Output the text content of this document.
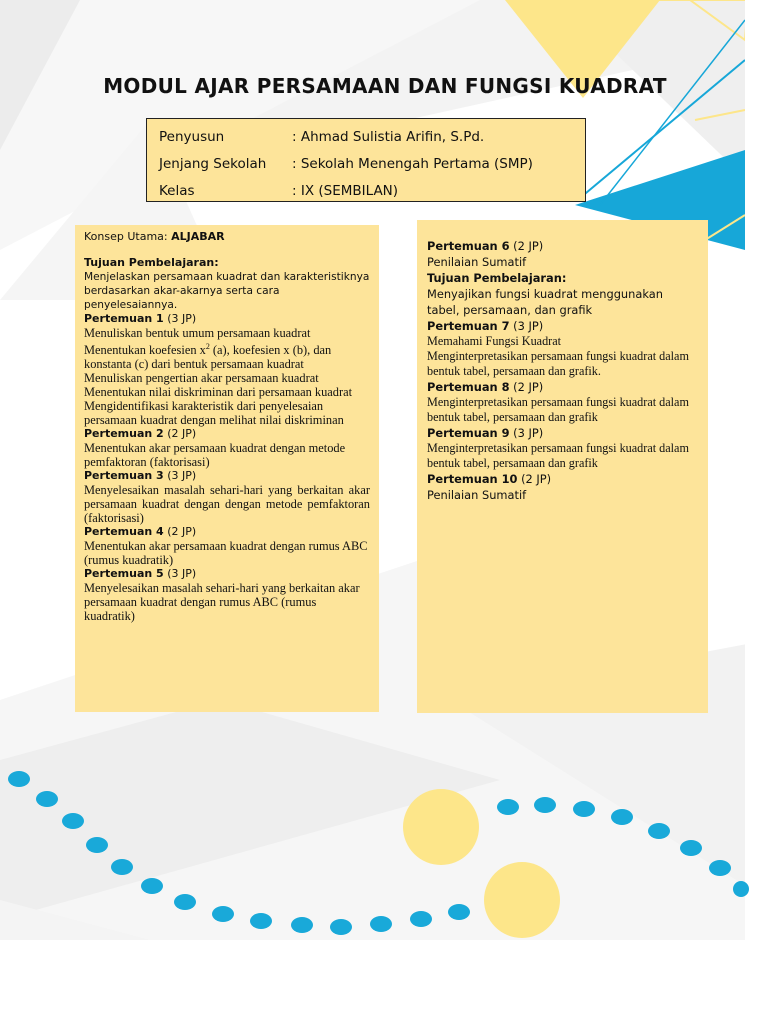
MODUL AJAR PERSAMAAN DAN FUNGSI KUADRAT
Penyusun	: Ahmad Sulistia Arifin, S.Pd.
Jenjang Sekolah	: Sekolah Menengah Pertama (SMP)
Kelas	: IX (SEMBILAN)
Konsep Utama: ALJABAR
Tujuan Pembelajaran:
Menjelaskan persamaan kuadrat dan karakteristiknya berdasarkan akar-akarnya serta cara penyelesaiannya.
Pertemuan 1 (3 JP)
Menuliskan bentuk umum persamaan kuadrat
Menentukan koefesien $x^2$ (a), koefesien x (b), dan konstanta (c) dari bentuk persamaan kuadrat
Menuliskan pengertian akar persamaan kuadrat
Menentukan nilai diskriminan dari persamaan kuadrat
Mengidentifikasi karakteristik dari penyelesaian persamaan kuadrat dengan melihat nilai diskriminan
Pertemuan 2 (2 JP)
Menentukan akar persamaan kuadrat dengan metode pemfaktoran (faktorisasi)
Pertemuan 3 (3 JP)
Menyelesaikan masalah sehari-hari yang berkaitan akar persamaan kuadrat dengan dengan metode pemfaktoran (faktorisasi)
Pertemuan 4 (2 JP)
Menentukan akar persamaan kuadrat dengan rumus ABC (rumus kuadratik)
Pertemuan 5 (3 JP)
Menyelesaikan masalah sehari-hari yang berkaitan akar persamaan kuadrat dengan rumus ABC (rumus kuadratik)
Pertemuan 6 (2 JP)
Penilaian Sumatif
Tujuan Pembelajaran:
Menyajikan fungsi kuadrat menggunakan tabel, persamaan, dan grafik
Pertemuan 7 (3 JP)
Memahami Fungsi Kuadrat
Menginterpretasikan persamaan fungsi kuadrat dalam bentuk tabel, persamaan dan grafik.
Pertemuan 8 (2 JP)
Menginterpretasikan persamaan fungsi kuadrat dalam bentuk tabel, persamaan dan grafik
Pertemuan 9 (3 JP)
Menginterpretasikan persamaan fungsi kuadrat dalam bentuk tabel, persamaan dan grafik
Pertemuan 10 (2 JP)
Penilaian Sumatif
